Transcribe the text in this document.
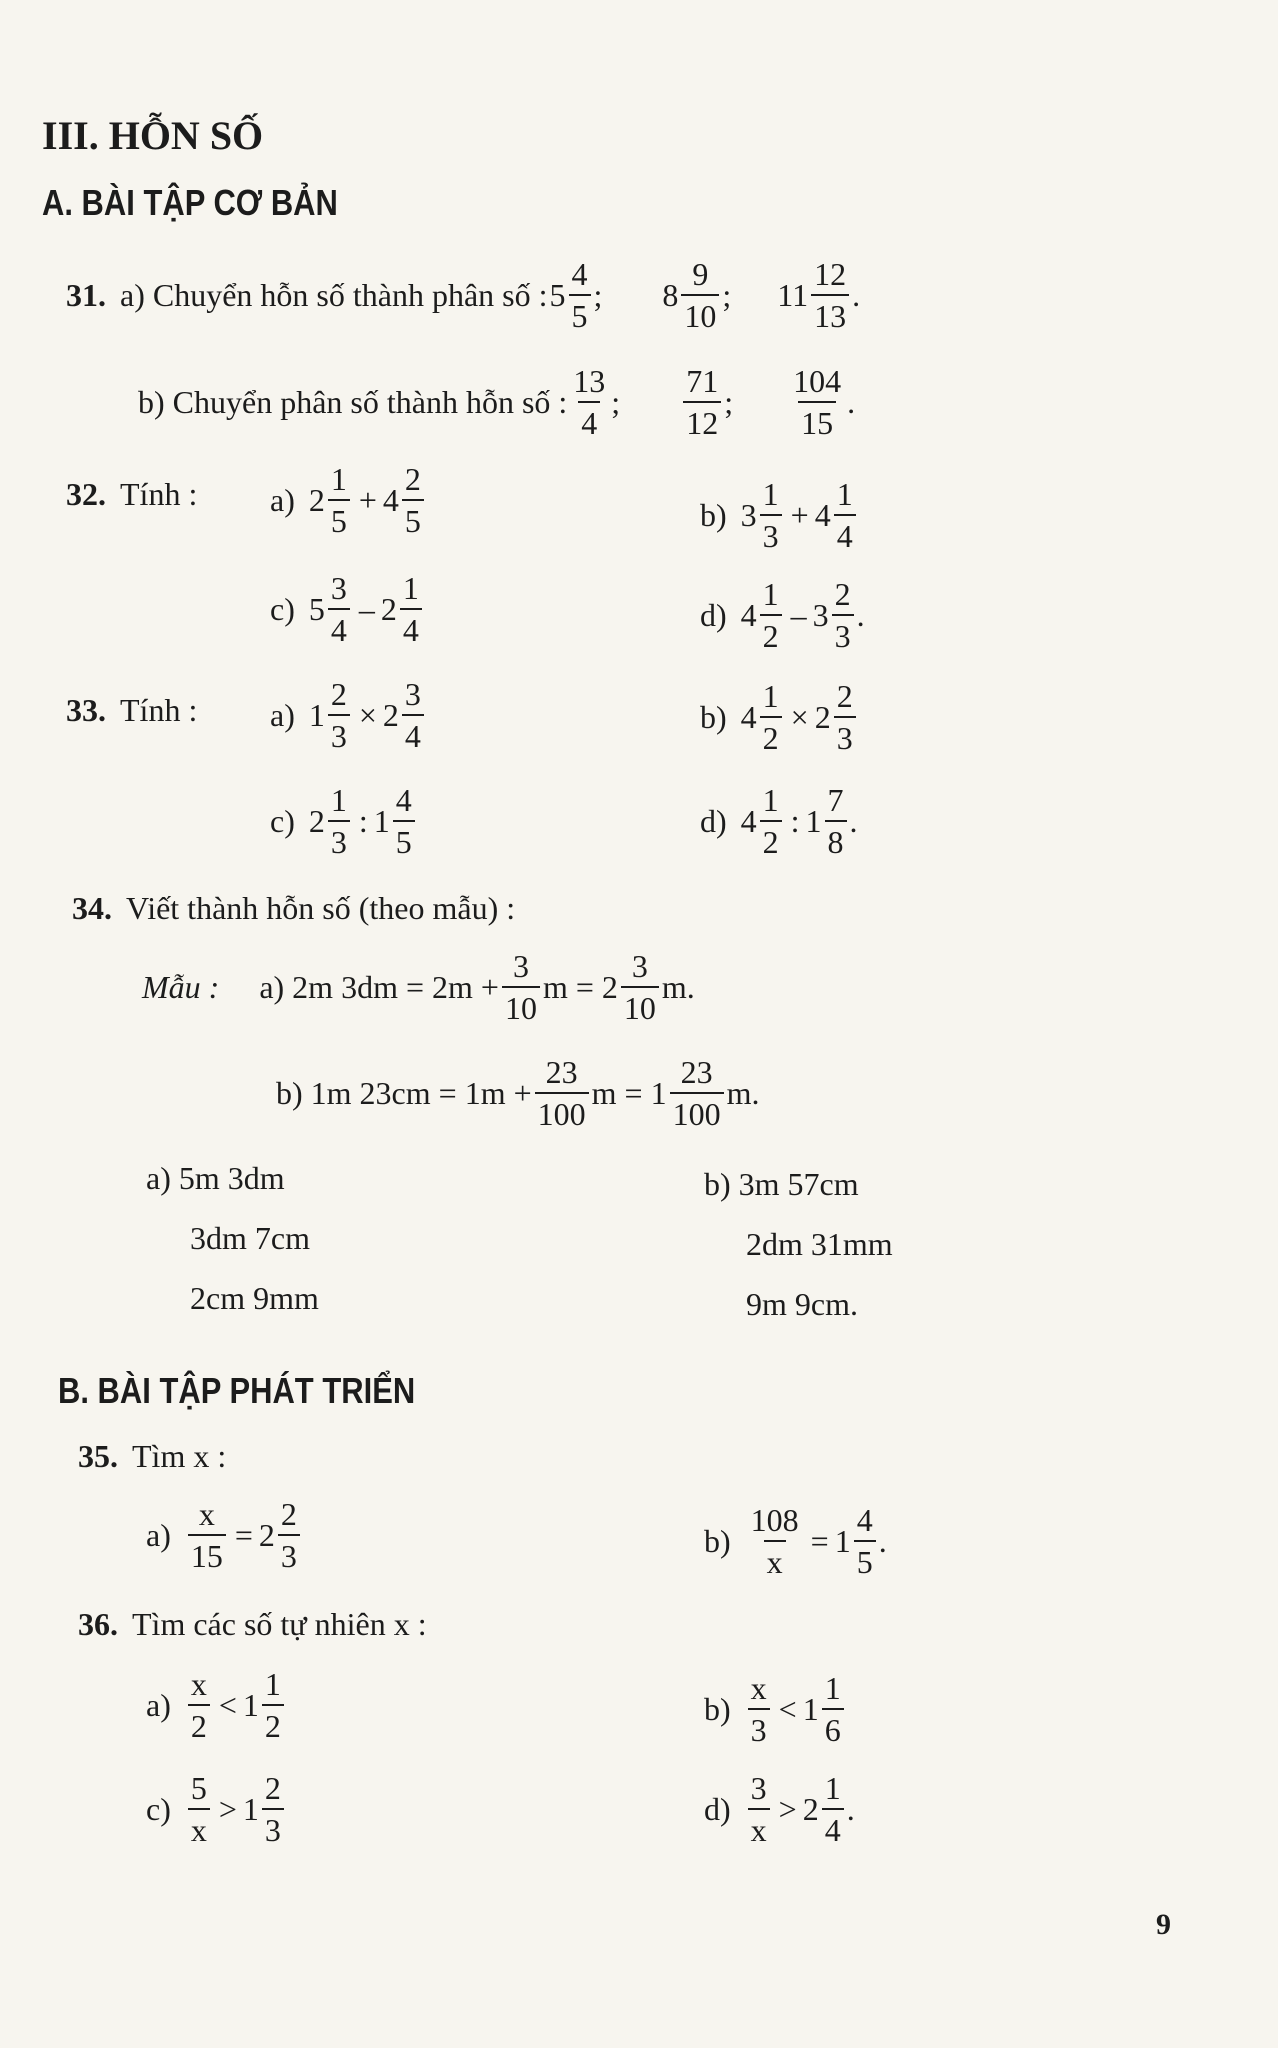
III. HỖN SỐ
A. BÀI TẬP CƠ BẢN
31. a) Chuyển hỗn số thành phân số : $5 \frac{4}{5}$ ; $8 \frac{9}{10}$ ; $11 \frac{12}{13}$ .
b) Chuyển phân số thành hỗn số : $\frac{13}{4}$ ; $\frac{71}{12}$ ; $\frac{104}{15}$ .
32. Tính : a) $2 \frac{1}{5} + 4 \frac{2}{5}$	b) $3 \frac{1}{3} + 4 \frac{1}{4}$
c) $5 \frac{3}{4} - 2 \frac{1}{4}$	d) $4 \frac{1}{2} - 3 \frac{2}{3}$ .
33. Tính : a) $1 \frac{2}{3} \times 2 \frac{3}{4}$	b) $4 \frac{1}{2} \times 2 \frac{2}{3}$
c) $2 \frac{1}{3}$ : $1 \frac{4}{5}$	d) $4 \frac{1}{2}$ : $1 \frac{7}{8}$ .
34. Viết thành hỗn số (theo mẫu) :
Mẫu : a) 2m $3dm = 2m + \frac{3}{10}$ $m = 2 \frac{3}{10} m$.
b) 1m $23cm = 1m + \frac{23}{100}$ $m = 1 \frac{23}{100} m$.
a) 5m 3dm
3dm 7cm
2cm 9mm
b) 3m 57cm
2dm 31mm
9m 9cm.
B. BÀI TẬP PHÁT TRIỂN
35. Tìm x :
$a) \frac{x}{15} = 2 \frac{2}{3}$	$b) \frac{108}{x} = 1 \frac{4}{5}$ .
36. Tìm các số tự nhiên x :
$a) \frac{x}{2} < 1 \frac{1}{2}$	$b) \frac{x}{3} < 1 \frac{1}{6}$
$c) \frac{5}{x} > 1 \frac{2}{3}$	$d) \frac{3}{x} > 2 \frac{1}{4}$ .
9
